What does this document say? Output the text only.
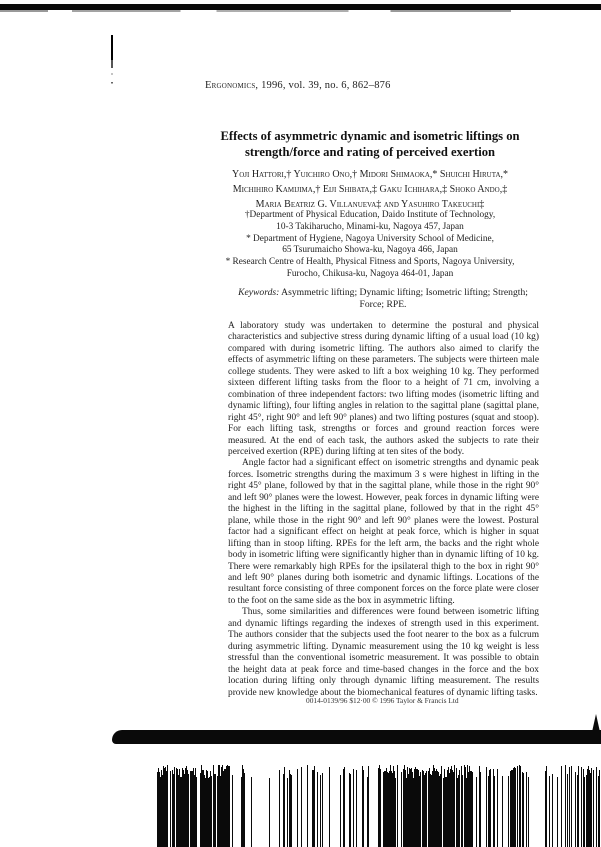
Ergonomics, 1996, vol. 39, no. 6, 862–876
Effects of asymmetric dynamic and isometric liftings on
strength/force and rating of perceived exertion
Yoji Hattori,† Yuichiro Ono,† Midori Shimaoka,* Shuichi Hiruta,*
Michihiro Kamijima,† Eiji Shibata,‡ Gaku Ichihara,‡ Shoko Ando,‡
Maria Beatriz G. Villanueva‡ and Yasuhiro Takeuchi‡
†Department of Physical Education, Daido Institute of Technology,
10-3 Takiharucho, Minami-ku, Nagoya 457, Japan
* Department of Hygiene, Nagoya University School of Medicine,
65 Tsurumaicho Showa-ku, Nagoya 466, Japan
* Research Centre of Health, Physical Fitness and Sports, Nagoya University,
Furocho, Chikusa-ku, Nagoya 464-01, Japan
Keywords: Asymmetric lifting; Dynamic lifting; Isometric lifting; Strength; Force; RPE.

A laboratory study was undertaken to determine the postural and physical characteristics and subjective stress during dynamic lifting of a usual load (10 kg) compared with during isometric lifting. The authors also aimed to clarify the effects of asymmetric lifting on these parameters. The subjects were thirteen male college students. They were asked to lift a box weighing 10 kg. They performed sixteen different lifting tasks from the floor to a height of 71 cm, involving a combination of three independent factors: two lifting modes (isometric lifting and dynamic lifting), four lifting angles in relation to the sagittal plane (sagittal plane, right 45°, right 90° and left 90° planes) and two lifting postures (squat and stoop). For each lifting task, strengths or forces and ground reaction forces were measured. At the end of each task, the authors asked the subjects to rate their perceived exertion (RPE) during lifting at ten sites of the body.

Angle factor had a significant effect on isometric strengths and dynamic peak forces. Isometric strengths during the maximum 3 s were highest in lifting in the right 45° plane, followed by that in the sagittal plane, while those in the right 90° and left 90° planes were the lowest. However, peak forces in dynamic lifting were the highest in the lifting in the sagittal plane, followed by that in the right 45° plane, while those in the right 90° and left 90° planes were the lowest. Postural factor had a significant effect on height at peak force, which is higher in squat lifting than in stoop lifting. RPEs for the left arm, the backs and the right whole body in isometric lifting were significantly higher than in dynamic lifting of 10 kg. There were remarkably high RPEs for the ipsilateral thigh to the box in right 90° and left 90° planes during both isometric and dynamic liftings. Locations of the resultant force consisting of three component forces on the force plate were closer to the foot on the same side as the box in asymmetric lifting.

Thus, some similarities and differences were found between isometric lifting and dynamic liftings regarding the indexes of strength used in this experiment. The authors consider that the subjects used the foot nearer to the box as a fulcrum during asymmetric lifting. Dynamic measurement using the 10 kg weight is less stressful than the conventional isometric measurement. It was possible to obtain the height data at peak force and time-based changes in the force and the box location during lifting only through dynamic lifting measurement. The results provide new knowledge about the biomechanical features of dynamic lifting tasks.

0014-0139/96 $12·00 © 1996 Taylor & Francis Ltd
